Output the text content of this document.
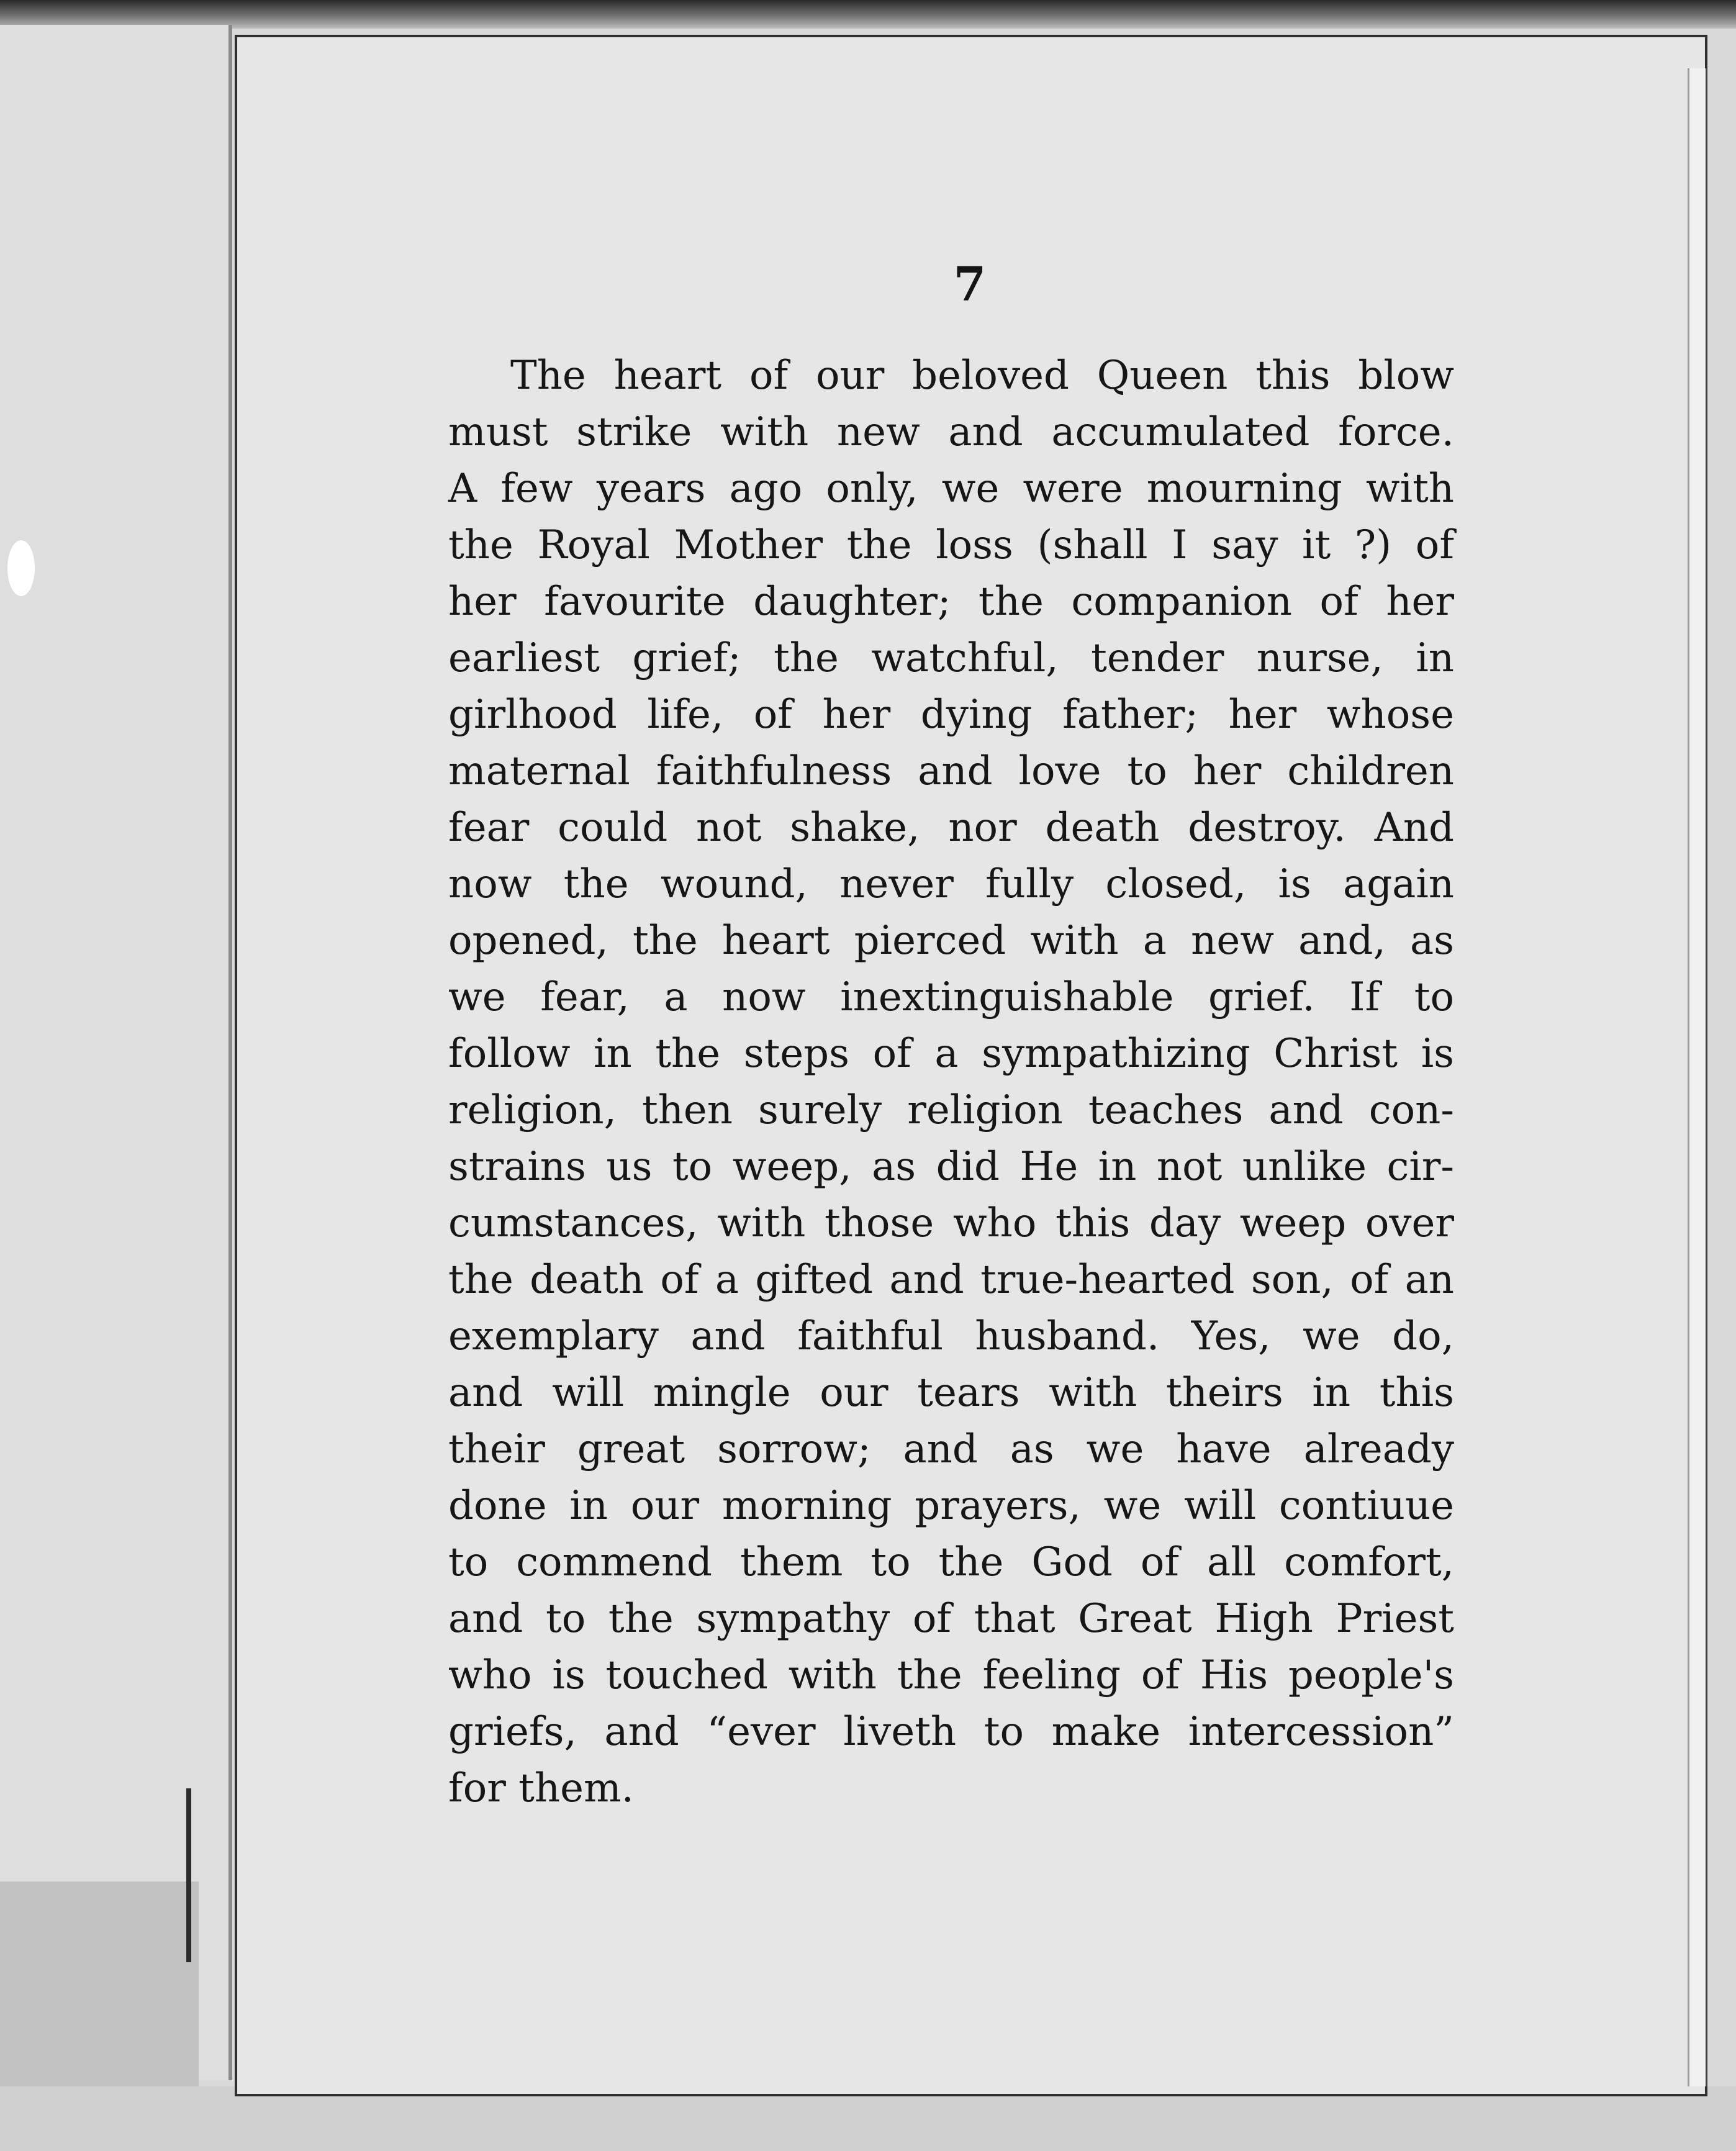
7
The heart of our beloved Queen this blow
must strike with new and accumulated force.
A few years ago only, we were mourning with
the Royal Mother the loss (shall I say it ?) of
her favourite daughter; the companion of her
earliest grief; the watchful, tender nurse, in
girlhood life, of her dying father; her whose
maternal faithfulness and love to her children
fear could not shake, nor death destroy. And
now the wound, never fully closed, is again
opened, the heart pierced with a new and, as
we fear, a now inextinguishable grief. If to
follow in the steps of a sympathizing Christ is
religion, then surely religion teaches and con-
strains us to weep, as did He in not unlike cir-
cumstances, with those who this day weep over
the death of a gifted and true-hearted son, of an
exemplary and faithful husband. Yes, we do,
and will mingle our tears with theirs in this
their great sorrow; and as we have already
done in our morning prayers, we will contiuue
to commend them to the God of all comfort,
and to the sympathy of that Great High Priest
who is touched with the feeling of His people's
griefs, and “ever liveth to make intercession”
for them.
